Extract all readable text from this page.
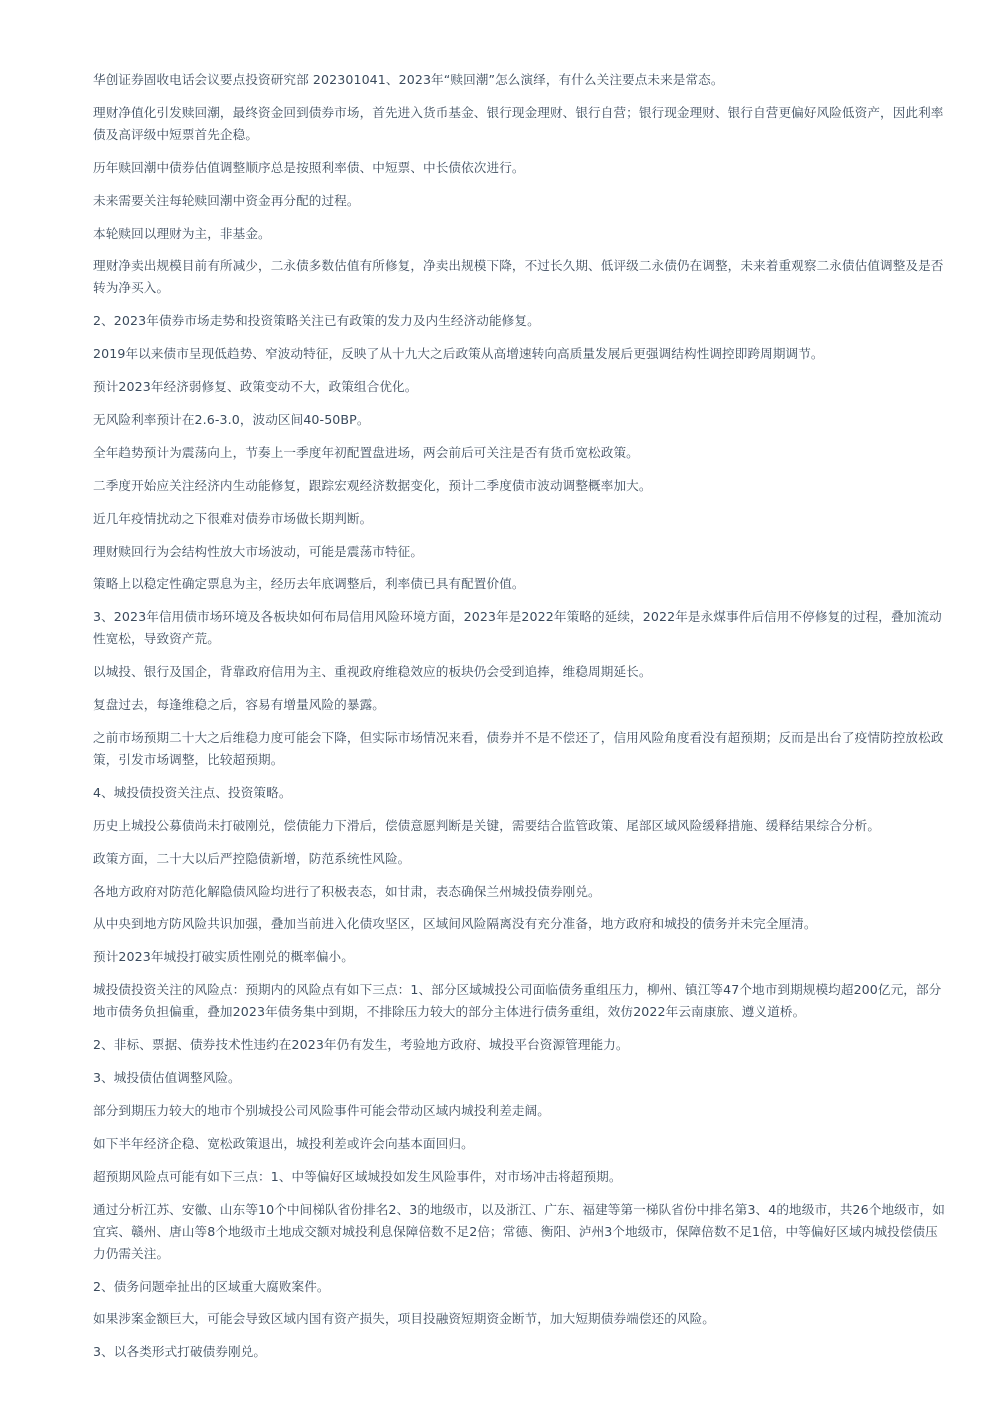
华创证券固收电话会议要点投资研究部 202301041、2023年“赎回潮”怎么演绎，有什么关注要点未来是常态。

理财净值化引发赎回潮，最终资金回到债券市场，首先进入货币基金、银行现金理财、银行自营；银行现金理财、银行自营更偏好风险低资产，因此利率债及高评级中短票首先企稳。

历年赎回潮中债券估值调整顺序总是按照利率债、中短票、中长债依次进行。

未来需要关注每轮赎回潮中资金再分配的过程。

本轮赎回以理财为主，非基金。

理财净卖出规模目前有所减少，二永债多数估值有所修复，净卖出规模下降，不过长久期、低评级二永债仍在调整，未来着重观察二永债估值调整及是否转为净买入。

2、2023年债券市场走势和投资策略关注已有政策的发力及内生经济动能修复。

2019年以来债市呈现低趋势、窄波动特征，反映了从十九大之后政策从高增速转向高质量发展后更强调结构性调控即跨周期调节。

预计2023年经济弱修复、政策变动不大，政策组合优化。

无风险利率预计在2.6-3.0，波动区间40-50BP。

全年趋势预计为震荡向上，节奏上一季度年初配置盘进场，两会前后可关注是否有货币宽松政策。

二季度开始应关注经济内生动能修复，跟踪宏观经济数据变化，预计二季度债市波动调整概率加大。

近几年疫情扰动之下很难对债券市场做长期判断。

理财赎回行为会结构性放大市场波动，可能是震荡市特征。

策略上以稳定性确定票息为主，经历去年底调整后，利率债已具有配置价值。

3、2023年信用债市场环境及各板块如何布局信用风险环境方面，2023年是2022年策略的延续，2022年是永煤事件后信用不停修复的过程，叠加流动性宽松，导致资产荒。

以城投、银行及国企，背靠政府信用为主、重视政府维稳效应的板块仍会受到追捧，维稳周期延长。

复盘过去，每逢维稳之后，容易有增量风险的暴露。

之前市场预期二十大之后维稳力度可能会下降，但实际市场情况来看，债券并不是不偿还了，信用风险角度看没有超预期；反而是出台了疫情防控放松政策，引发市场调整，比较超预期。

4、城投债投资关注点、投资策略。

历史上城投公募债尚未打破刚兑，偿债能力下滑后，偿债意愿判断是关键，需要结合监管政策、尾部区域风险缓释措施、缓释结果综合分析。

政策方面，二十大以后严控隐债新增，防范系统性风险。

各地方政府对防范化解隐债风险均进行了积极表态，如甘肃，表态确保兰州城投债券刚兑。

从中央到地方防风险共识加强，叠加当前进入化债攻坚区，区域间风险隔离没有充分准备，地方政府和城投的债务并未完全厘清。

预计2023年城投打破实质性刚兑的概率偏小。

城投债投资关注的风险点：预期内的风险点有如下三点：1、部分区域城投公司面临债务重组压力，柳州、镇江等47个地市到期规模均超200亿元，部分地市债务负担偏重，叠加2023年债务集中到期，不排除压力较大的部分主体进行债务重组，效仿2022年云南康旅、遵义道桥。

2、非标、票据、债券技术性违约在2023年仍有发生，考验地方政府、城投平台资源管理能力。

3、城投债估值调整风险。

部分到期压力较大的地市个别城投公司风险事件可能会带动区域内城投利差走阔。

如下半年经济企稳、宽松政策退出，城投利差或许会向基本面回归。

超预期风险点可能有如下三点：1、中等偏好区域城投如发生风险事件，对市场冲击将超预期。

通过分析江苏、安徽、山东等10个中间梯队省份排名2、3的地级市，以及浙江、广东、福建等第一梯队省份中排名第3、4的地级市，共26个地级市，如宜宾、赣州、唐山等8个地级市土地成交额对城投利息保障倍数不足2倍；常德、衡阳、泸州3个地级市，保障倍数不足1倍，中等偏好区域内城投偿债压力仍需关注。

2、债务问题牵扯出的区域重大腐败案件。

如果涉案金额巨大，可能会导致区域内国有资产损失，项目投融资短期资金断节，加大短期债券端偿还的风险。

3、以各类形式打破债券刚兑。
